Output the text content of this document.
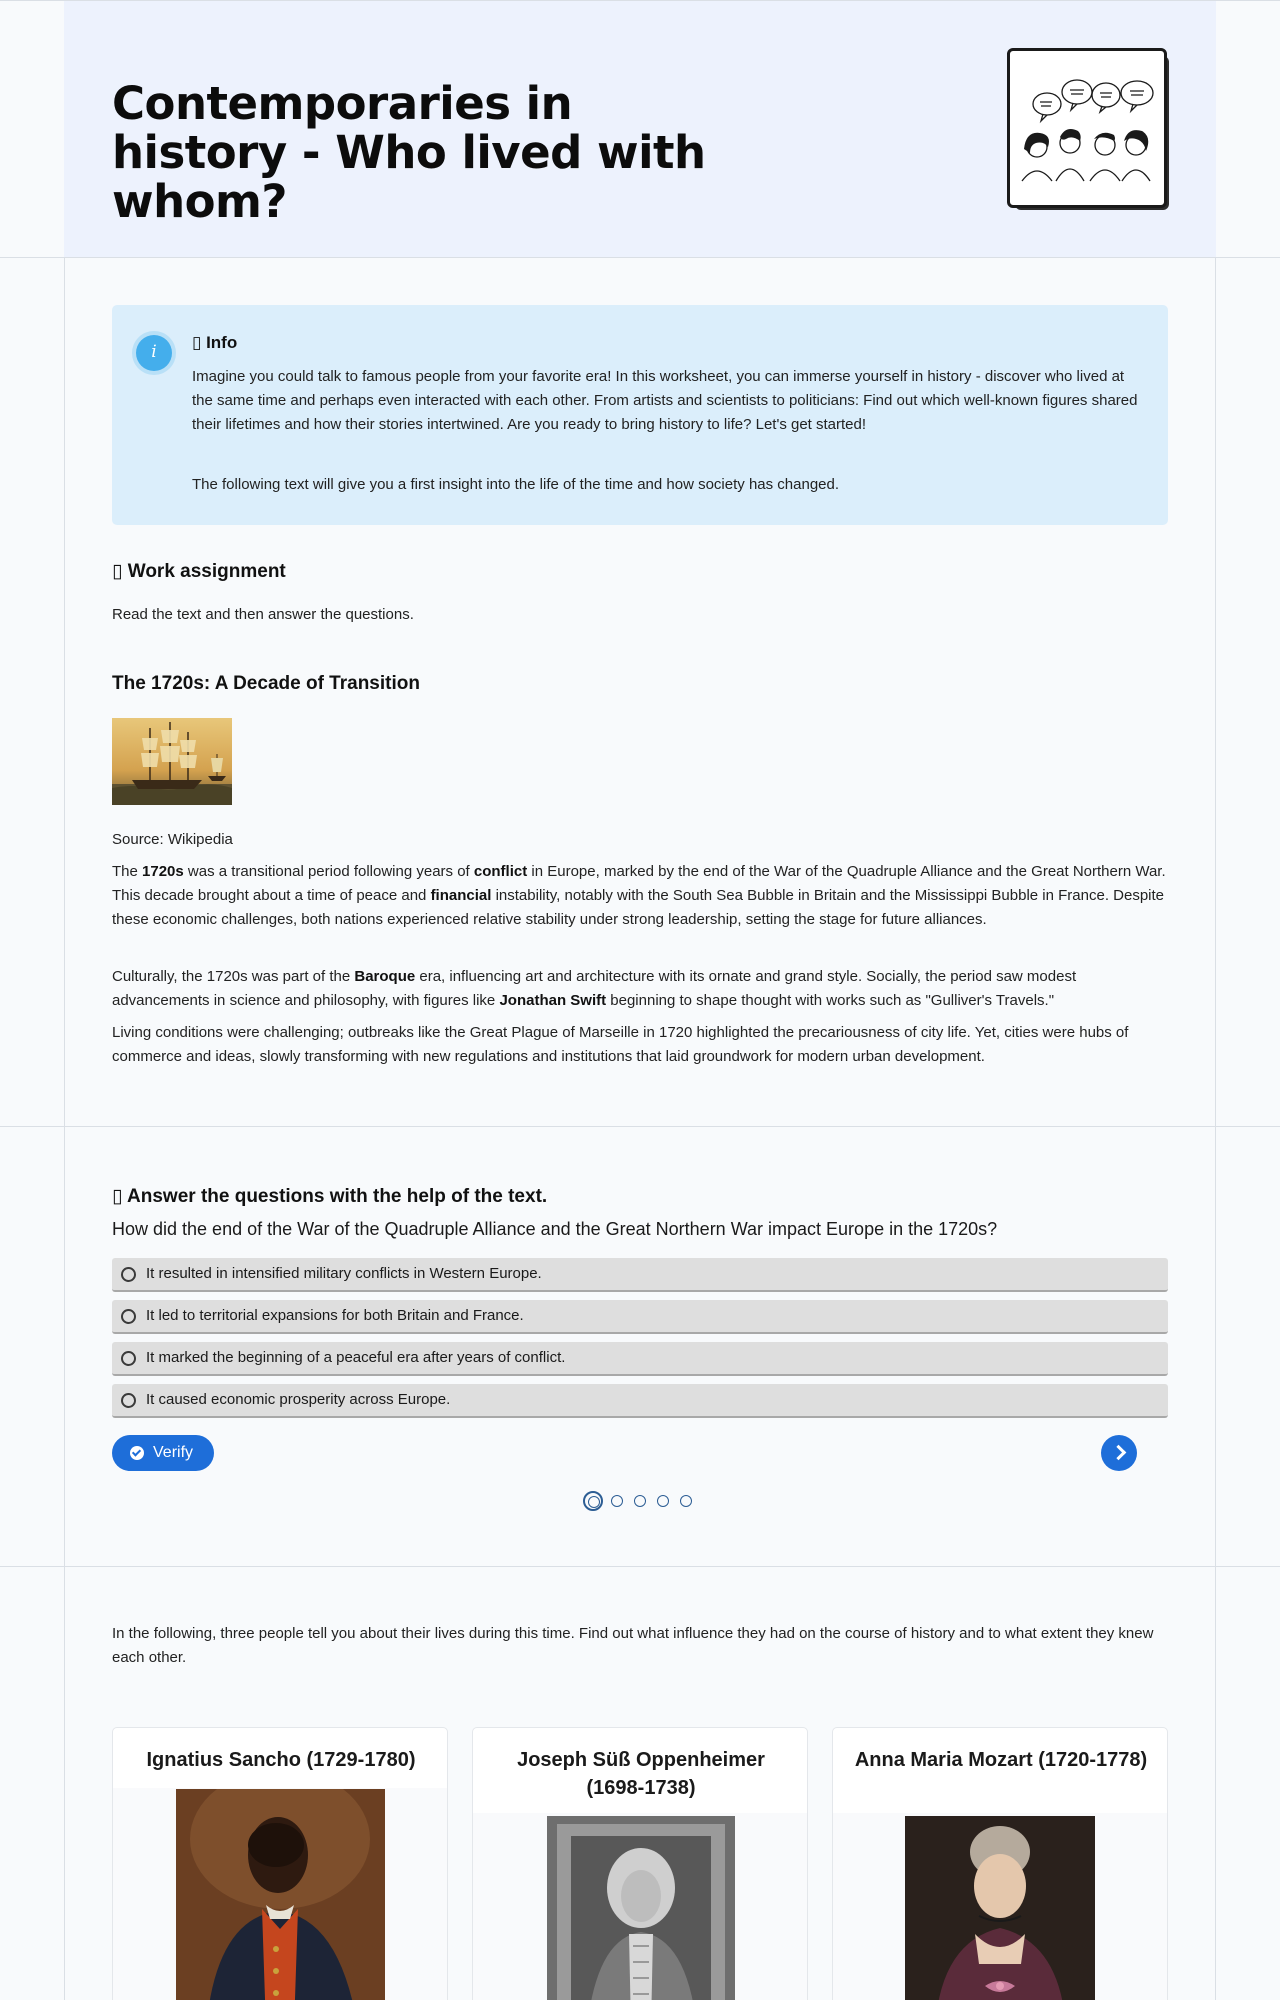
Contemporaries in history - Who lived with whom?
i	▯ Info

Imagine you could talk to famous people from your favorite era! In this worksheet, you can immerse yourself in history - discover who lived at the same time and perhaps even interacted with each other. From artists and scientists to politicians: Find out which well-known figures shared their lifetimes and how their stories intertwined. Are you ready to bring history to life? Let's get started!

The following text will give you a first insight into the life of the time and how society has changed.

▯ Work assignment

Read the text and then answer the questions.

The 1720s: A Decade of Transition

Source: Wikipedia

The 1720s was a transitional period following years of conflict in Europe, marked by the end of the War of the Quadruple Alliance and the Great Northern War. This decade brought about a time of peace and financial instability, notably with the South Sea Bubble in Britain and the Mississippi Bubble in France. Despite these economic challenges, both nations experienced relative stability under strong leadership, setting the stage for future alliances.

Culturally, the 1720s was part of the Baroque era, influencing art and architecture with its ornate and grand style. Socially, the period saw modest advancements in science and philosophy, with figures like Jonathan Swift beginning to shape thought with works such as "Gulliver's Travels."

Living conditions were challenging; outbreaks like the Great Plague of Marseille in 1720 highlighted the precariousness of city life. Yet, cities were hubs of commerce and ideas, slowly transforming with new regulations and institutions that laid groundwork for modern urban development.

▯ Answer the questions with the help of the text.

How did the end of the War of the Quadruple Alliance and the Great Northern War impact Europe in the 1720s?

It resulted in intensified military conflicts in Western Europe.
It led to territorial expansions for both Britain and France.
It marked the beginning of a peaceful era after years of conflict.
It caused economic prosperity across Europe.
Verify

In the following, three people tell you about their lives during this time. Find out what influence they had on the course of history and to what extent they knew each other.

Ignatius Sancho (1729-1780)	Joseph Süß Oppenheimer (1698-1738)
Anna Maria Mozart (1720-1778)
